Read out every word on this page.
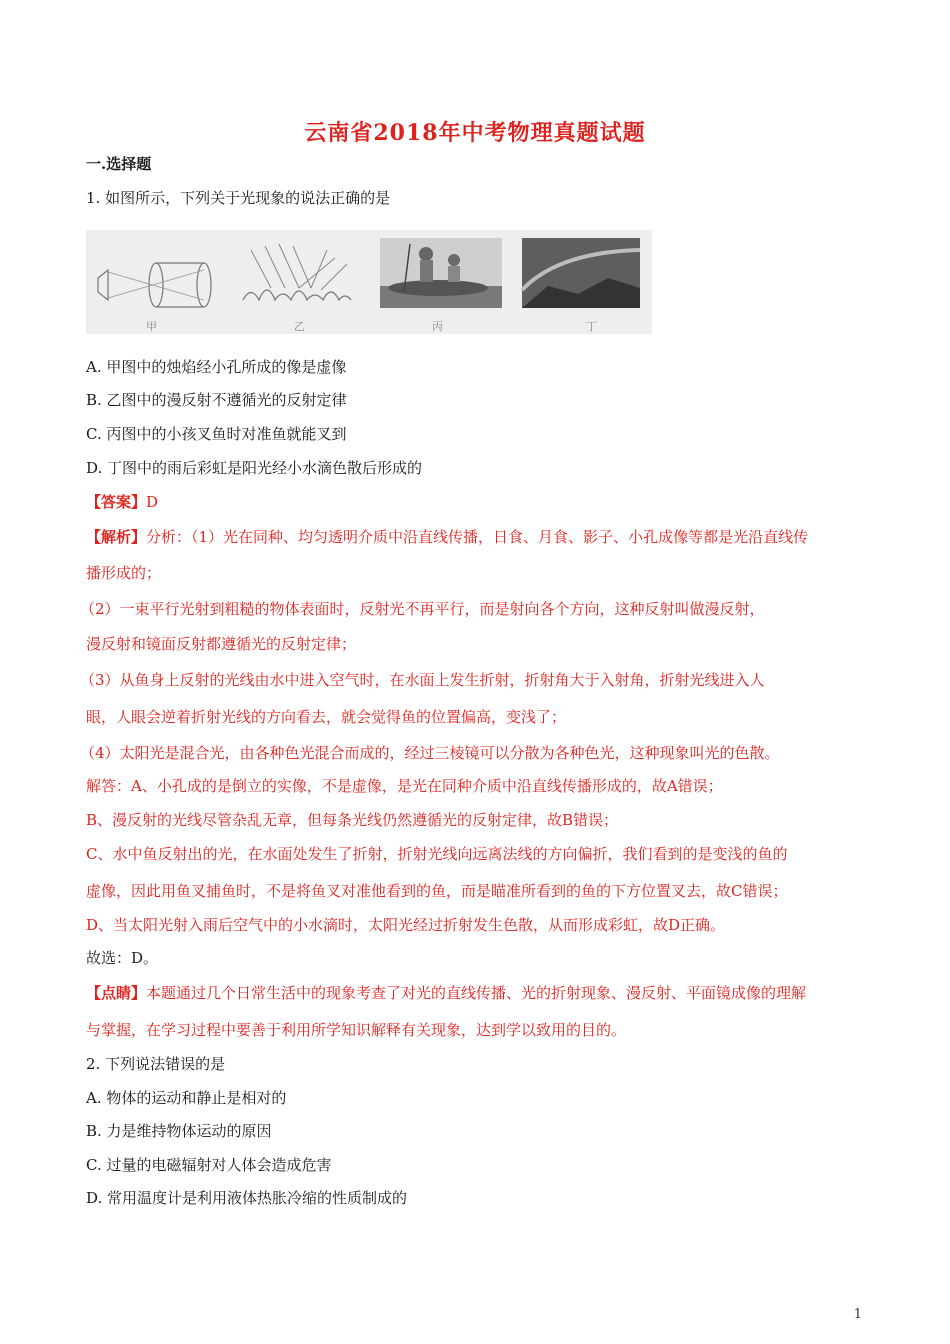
云南省2018年中考物理真题试题
一.选择题
1. 如图所示，下列关于光现象的说法正确的是
甲	乙	丙	丁
A. 甲图中的烛焰经小孔所成的像是虚像
B. 乙图中的漫反射不遵循光的反射定律
C. 丙图中的小孩叉鱼时对准鱼就能叉到
D. 丁图中的雨后彩虹是阳光经小水滴色散后形成的
【答案】D
【解析】分析：（1）光在同种、均匀透明介质中沿直线传播，日食、月食、影子、小孔成像等都是光沿直线传
播形成的；
（2）一束平行光射到粗糙的物体表面时，反射光不再平行，而是射向各个方向，这种反射叫做漫反射，
漫反射和镜面反射都遵循光的反射定律；
（3）从鱼身上反射的光线由水中进入空气时，在水面上发生折射，折射角大于入射角，折射光线进入人
眼，人眼会逆着折射光线的方向看去，就会觉得鱼的位置偏高，变浅了；
（4）太阳光是混合光，由各种色光混合而成的，经过三棱镜可以分散为各种色光，这种现象叫光的色散。
解答：A、小孔成的是倒立的实像，不是虚像，是光在同种介质中沿直线传播形成的，故A错误；
B、漫反射的光线尽管杂乱无章，但每条光线仍然遵循光的反射定律，故B错误；
C、水中鱼反射出的光，在水面处发生了折射，折射光线向远离法线的方向偏折，我们看到的是变浅的鱼的
虚像，因此用鱼叉捕鱼时，不是将鱼叉对准他看到的鱼，而是瞄准所看到的鱼的下方位置叉去，故C错误；
D、当太阳光射入雨后空气中的小水滴时，太阳光经过折射发生色散，从而形成彩虹，故D正确。
故选：D。
【点睛】本题通过几个日常生活中的现象考查了对光的直线传播、光的折射现象、漫反射、平面镜成像的理解
与掌握，在学习过程中要善于利用所学知识解释有关现象，达到学以致用的目的。
2. 下列说法错误的是
A. 物体的运动和静止是相对的
B. 力是维持物体运动的原因
C. 过量的电磁辐射对人体会造成危害
D. 常用温度计是利用液体热胀冷缩的性质制成的
1
